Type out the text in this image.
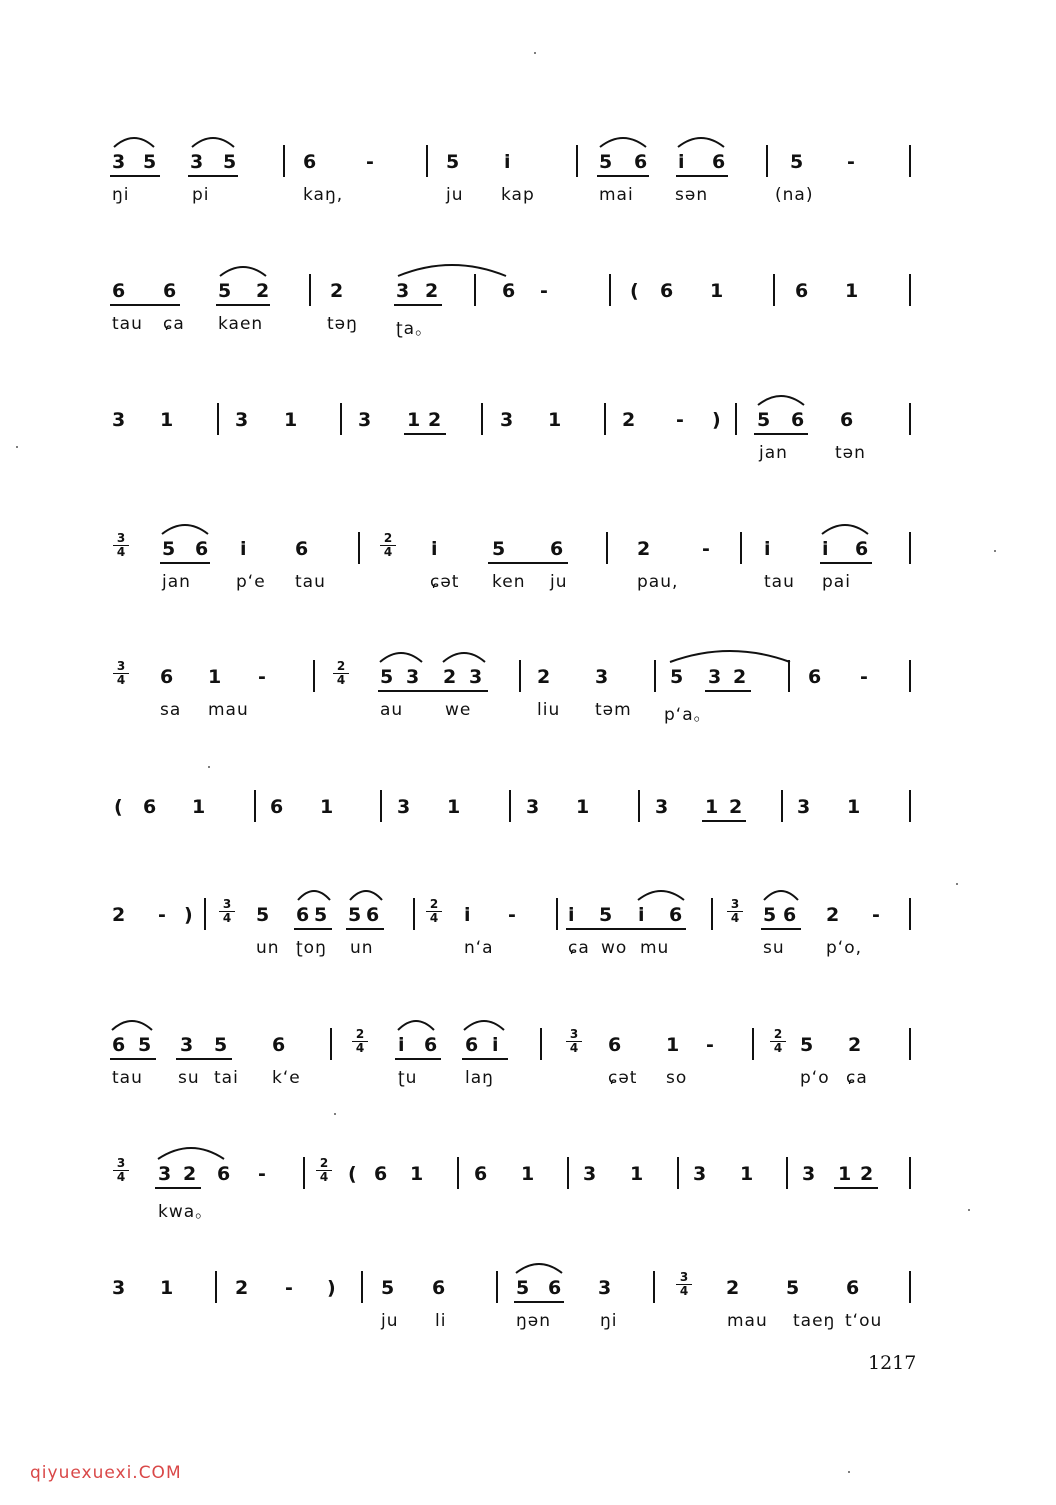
3 5 3 5	6	-	5 i	5 6 i 6	5 -
ŋi	pi	kaŋ,	ju kap	mai sən	(na)
6 6 5 2	2	3 2	6 -	( 6 1	6 1
tau ɕa kaen	təŋ ʈa。
3 1	3 1	3 1 2	3 1	2 - ) 5 6 6
jan	tən
$\frac{3}{4} 5$ 6 i	6	$\frac{2}{4}$ i	5 6	2	-	i	i 6
jan	p‘e tau	ɕət ken ju	pau,	tau pai
$\frac{3}{4} 6$ 1 -	$\frac{2}{4} 5$ 3 2 3	2 3	5 3 2	6 -
sa mau	au we	liu təm p‘a。
( 6 1	6 1	3 1	3 1	3 1 2	3 1
2 - ) $\frac{3}{4} 5$ 6 5 5 6	$\frac{2}{4}$ i -	i 5 i 6	$\frac{3}{4} 5$ 6 2 -
un ʈoŋ un	n‘a	ɕa wo mu	su p‘o,
6 5 3 5 6	$\frac{2}{4}$ i 6 6 i	$\frac{3}{4} 6$ 1 -	$\frac{2}{4} 5$ 2
tau su tai k‘e	ʈu	laŋ	ɕət so	p‘o ɕa
$\frac{3}{4} 3$ 2 6 -	$\frac{2}{4}$ ( 6 1	6 1	3 1	3 1	3 1 2
kwa。
3 1	2 - ) 5 6	5 6 3	$\frac{3}{4} 2$ 5 6
ju li	ŋən	ŋi	mau taeŋ t‘ou
1217
qiyuexuexi.COM
